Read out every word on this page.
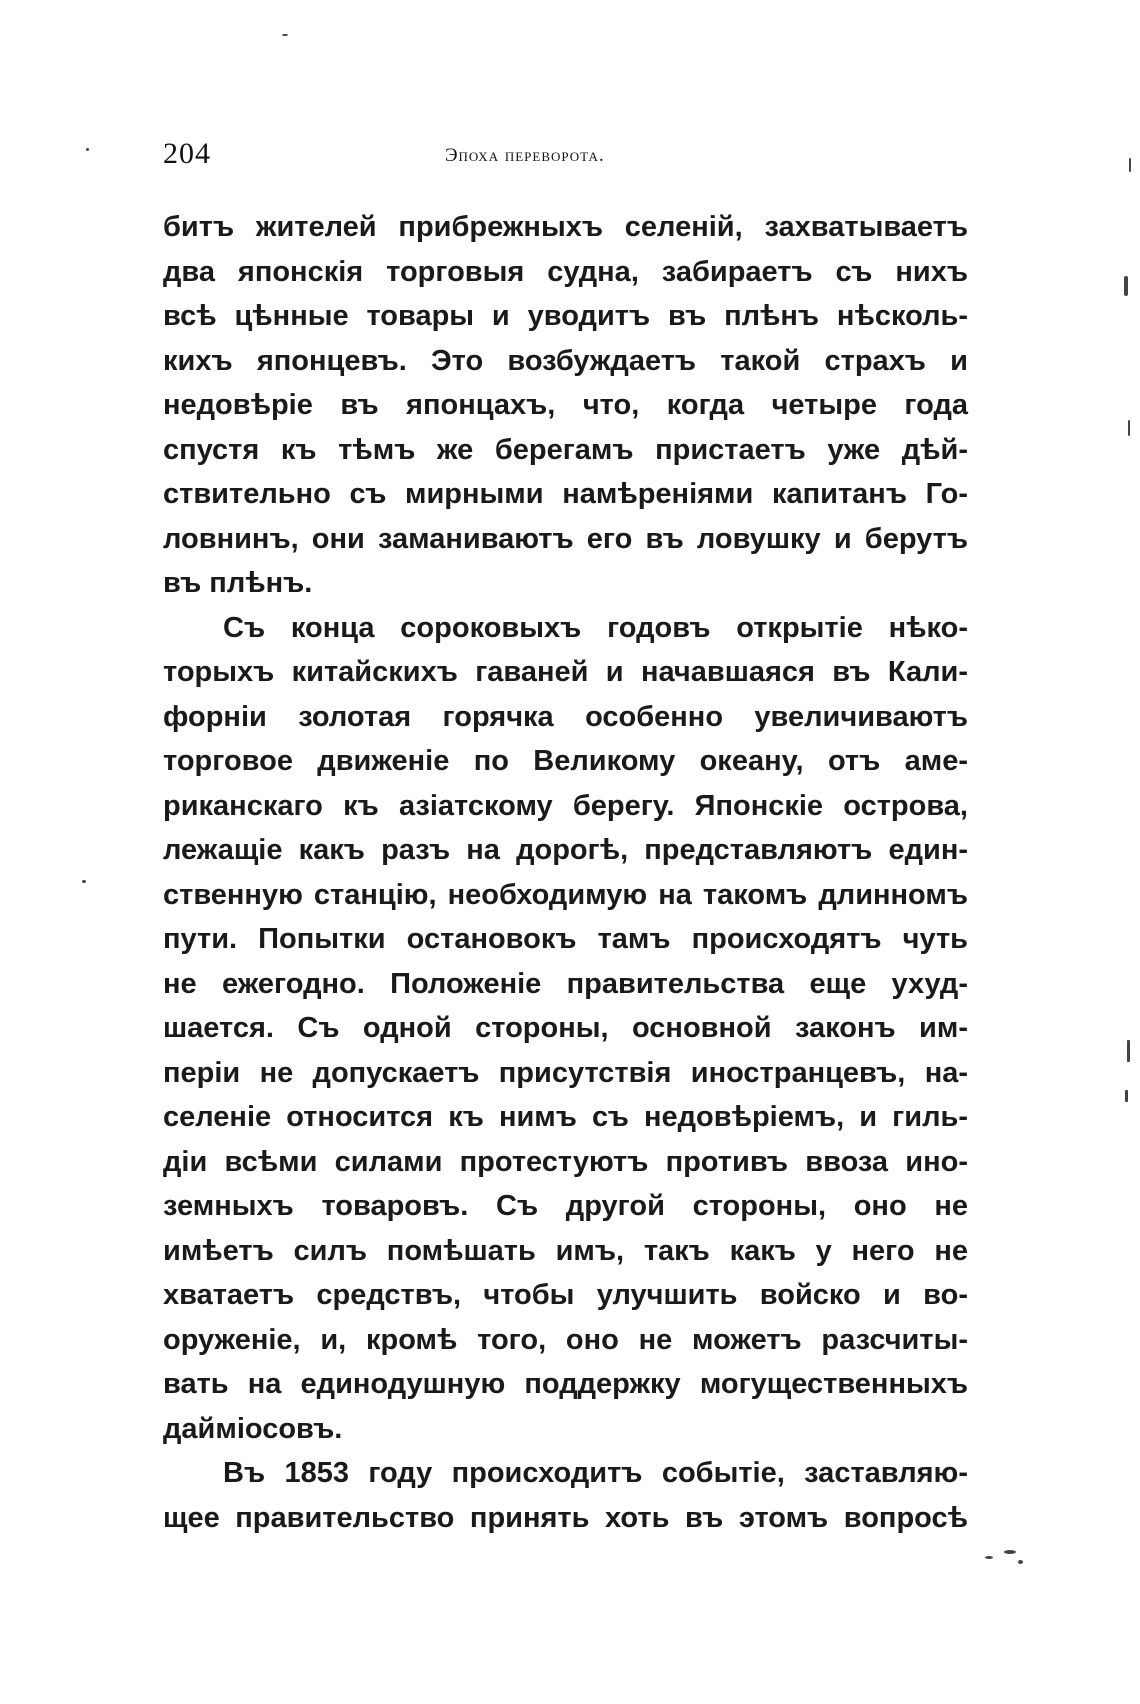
204	Эпоха переворота.
битъ жителей прибрежныхъ селеній, захватываетъ
два японскія торговыя судна, забираетъ съ нихъ
всѣ цѣнные товары и уводитъ въ плѣнъ нѣсколь-
кихъ японцевъ. Это возбуждаетъ такой страхъ и
недовѣріе въ японцахъ, что, когда четыре года
спустя къ тѣмъ же берегамъ пристаетъ уже дѣй-
ствительно съ мирными намѣреніями капитанъ Го-
ловнинъ, они заманиваютъ его въ ловушку и берутъ
въ плѣнъ.
Съ конца сороковыхъ годовъ открытіе нѣко-
торыхъ китайскихъ гаваней и начавшаяся въ Кали-
форніи золотая горячка особенно увеличиваютъ
торговое движеніе по Великому океану, отъ аме-
риканскаго къ азіатскому берегу. Японскіе острова,
лежащіе какъ разъ на дорогѣ, представляютъ един-
ственную станцію, необходимую на такомъ длинномъ
пути. Попытки остановокъ тамъ происходятъ чуть
не ежегодно. Положеніе правительства еще ухуд-
шается. Съ одной стороны, основной законъ им-
періи не допускаетъ присутствія иностранцевъ, на-
селеніе относится къ нимъ съ недовѣріемъ, и гиль-
діи всѣми силами протестуютъ противъ ввоза ино-
земныхъ товаровъ. Съ другой стороны, оно не
имѣетъ силъ помѣшать имъ, такъ какъ у него не
хватаетъ средствъ, чтобы улучшить войско и во-
оруженіе, и, кромѣ того, оно не можетъ разсчиты-
вать на единодушную поддержку могущественныхъ
даймiосовъ.
Въ 1853 году происходитъ событіе, заставляю-
щее правительство принять хоть въ этомъ вопросѣ
